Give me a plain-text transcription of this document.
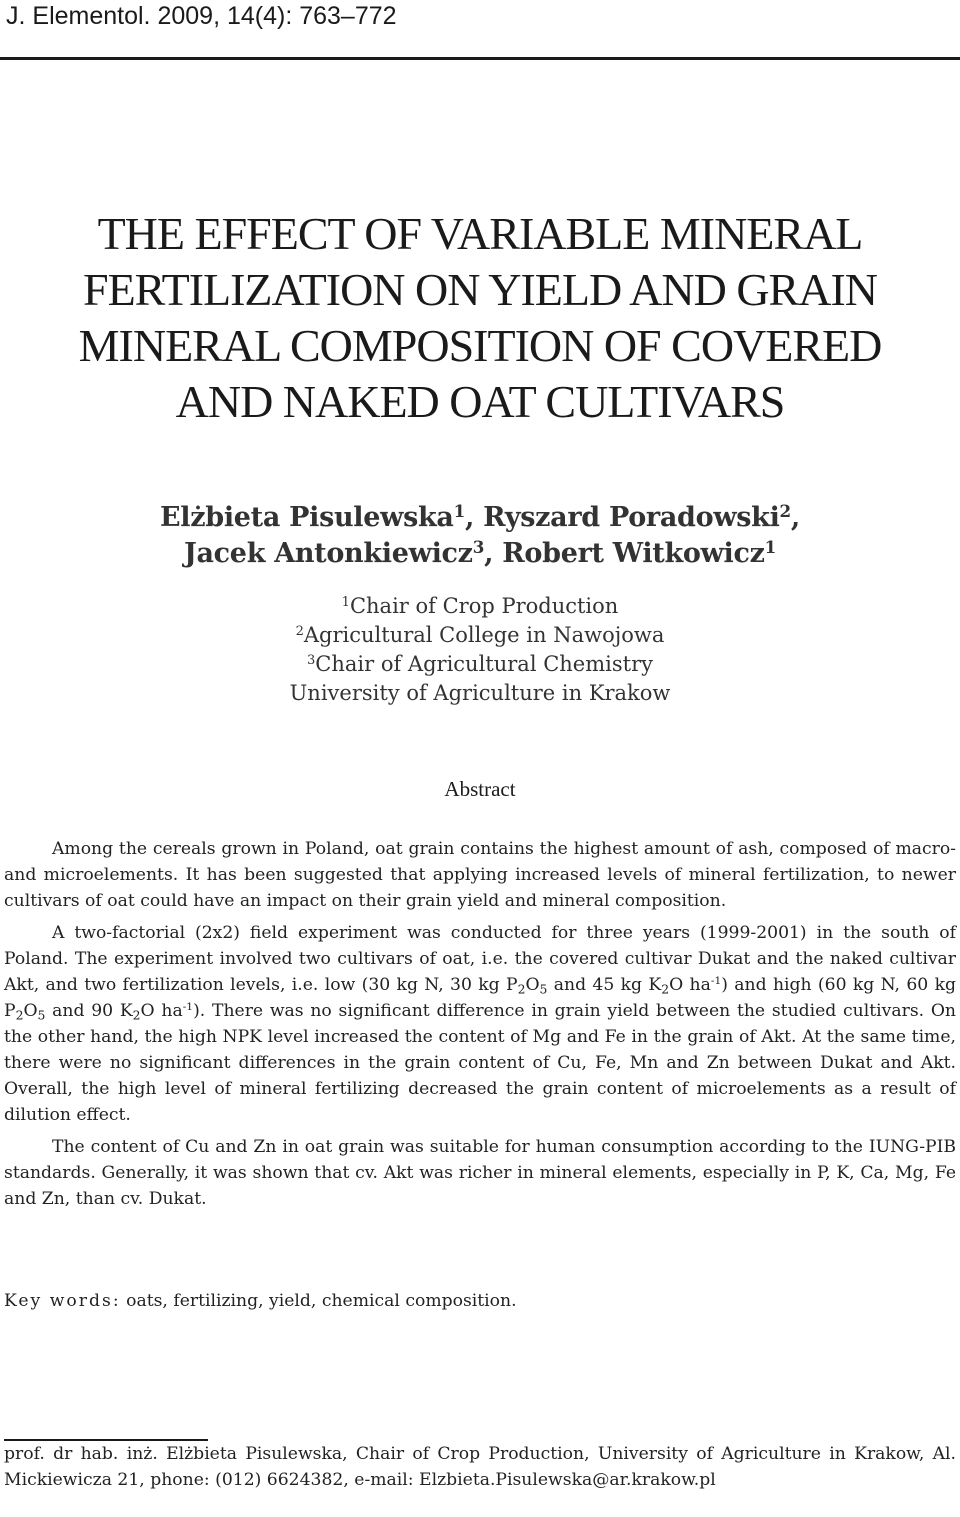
J. Elementol. 2009, 14(4): 763–772
THE EFFECT OF VARIABLE MINERAL
FERTILIZATION ON YIELD AND GRAIN
MINERAL COMPOSITION OF COVERED
AND NAKED OAT CULTIVARS
Elżbieta Pisulewska$^1$, Ryszard Poradowski$^2$,
Jacek Antonkiewicz$^3$, Robert Witkowicz$^1$
$^1$Chair of Crop Production
$^2$Agricultural College in Nawojowa
$^3$Chair of Agricultural Chemistry
University of Agriculture in Krakow
Abstract

Among the cereals grown in Poland, oat grain contains the highest amount of ash, composed of macro- and microelements. It has been suggested that applying increased levels of mineral fertilization, to newer cultivars of oat could have an impact on their grain yield and mineral composition.

A two-factorial (2x2) field experiment was conducted for three years (1999-2001) in the south of Poland. The experiment involved two cultivars of oat, i.e. the covered cultivar Dukat and the naked cultivar Akt, and two fertilization levels, i.e. low (30 kg N, 30 kg $P_2O_5$ and 45 kg $K_2O$ $ha^{-1}$) and high (60 kg N, 60 kg $P_2O_5$ and 90 $K_2O$ $ha^{-1}$). There was no significant difference in grain yield between the studied cultivars. On the other hand, the high NPK level increased the content of Mg and Fe in the grain of Akt. At the same time, there were no significant differences in the grain content of Cu, Fe, Mn and Zn between Dukat and Akt. Overall, the high level of mineral fertilizing decreased the grain content of microelements as a result of dilution effect.

The content of Cu and Zn in oat grain was suitable for human consumption according to the IUNG-PIB standards. Generally, it was shown that cv. Akt was richer in mineral elements, especially in P, K, Ca, Mg, Fe and Zn, than cv. Dukat.

Key words: oats, fertilizing, yield, chemical composition.
prof. dr hab. inż. Elżbieta Pisulewska, Chair of Crop Production, University of Agriculture in Krakow, Al. Mickiewicza 21, phone: (012) 6624382, e-mail: Elzbieta.Pisulewska@ar.krakow.pl
